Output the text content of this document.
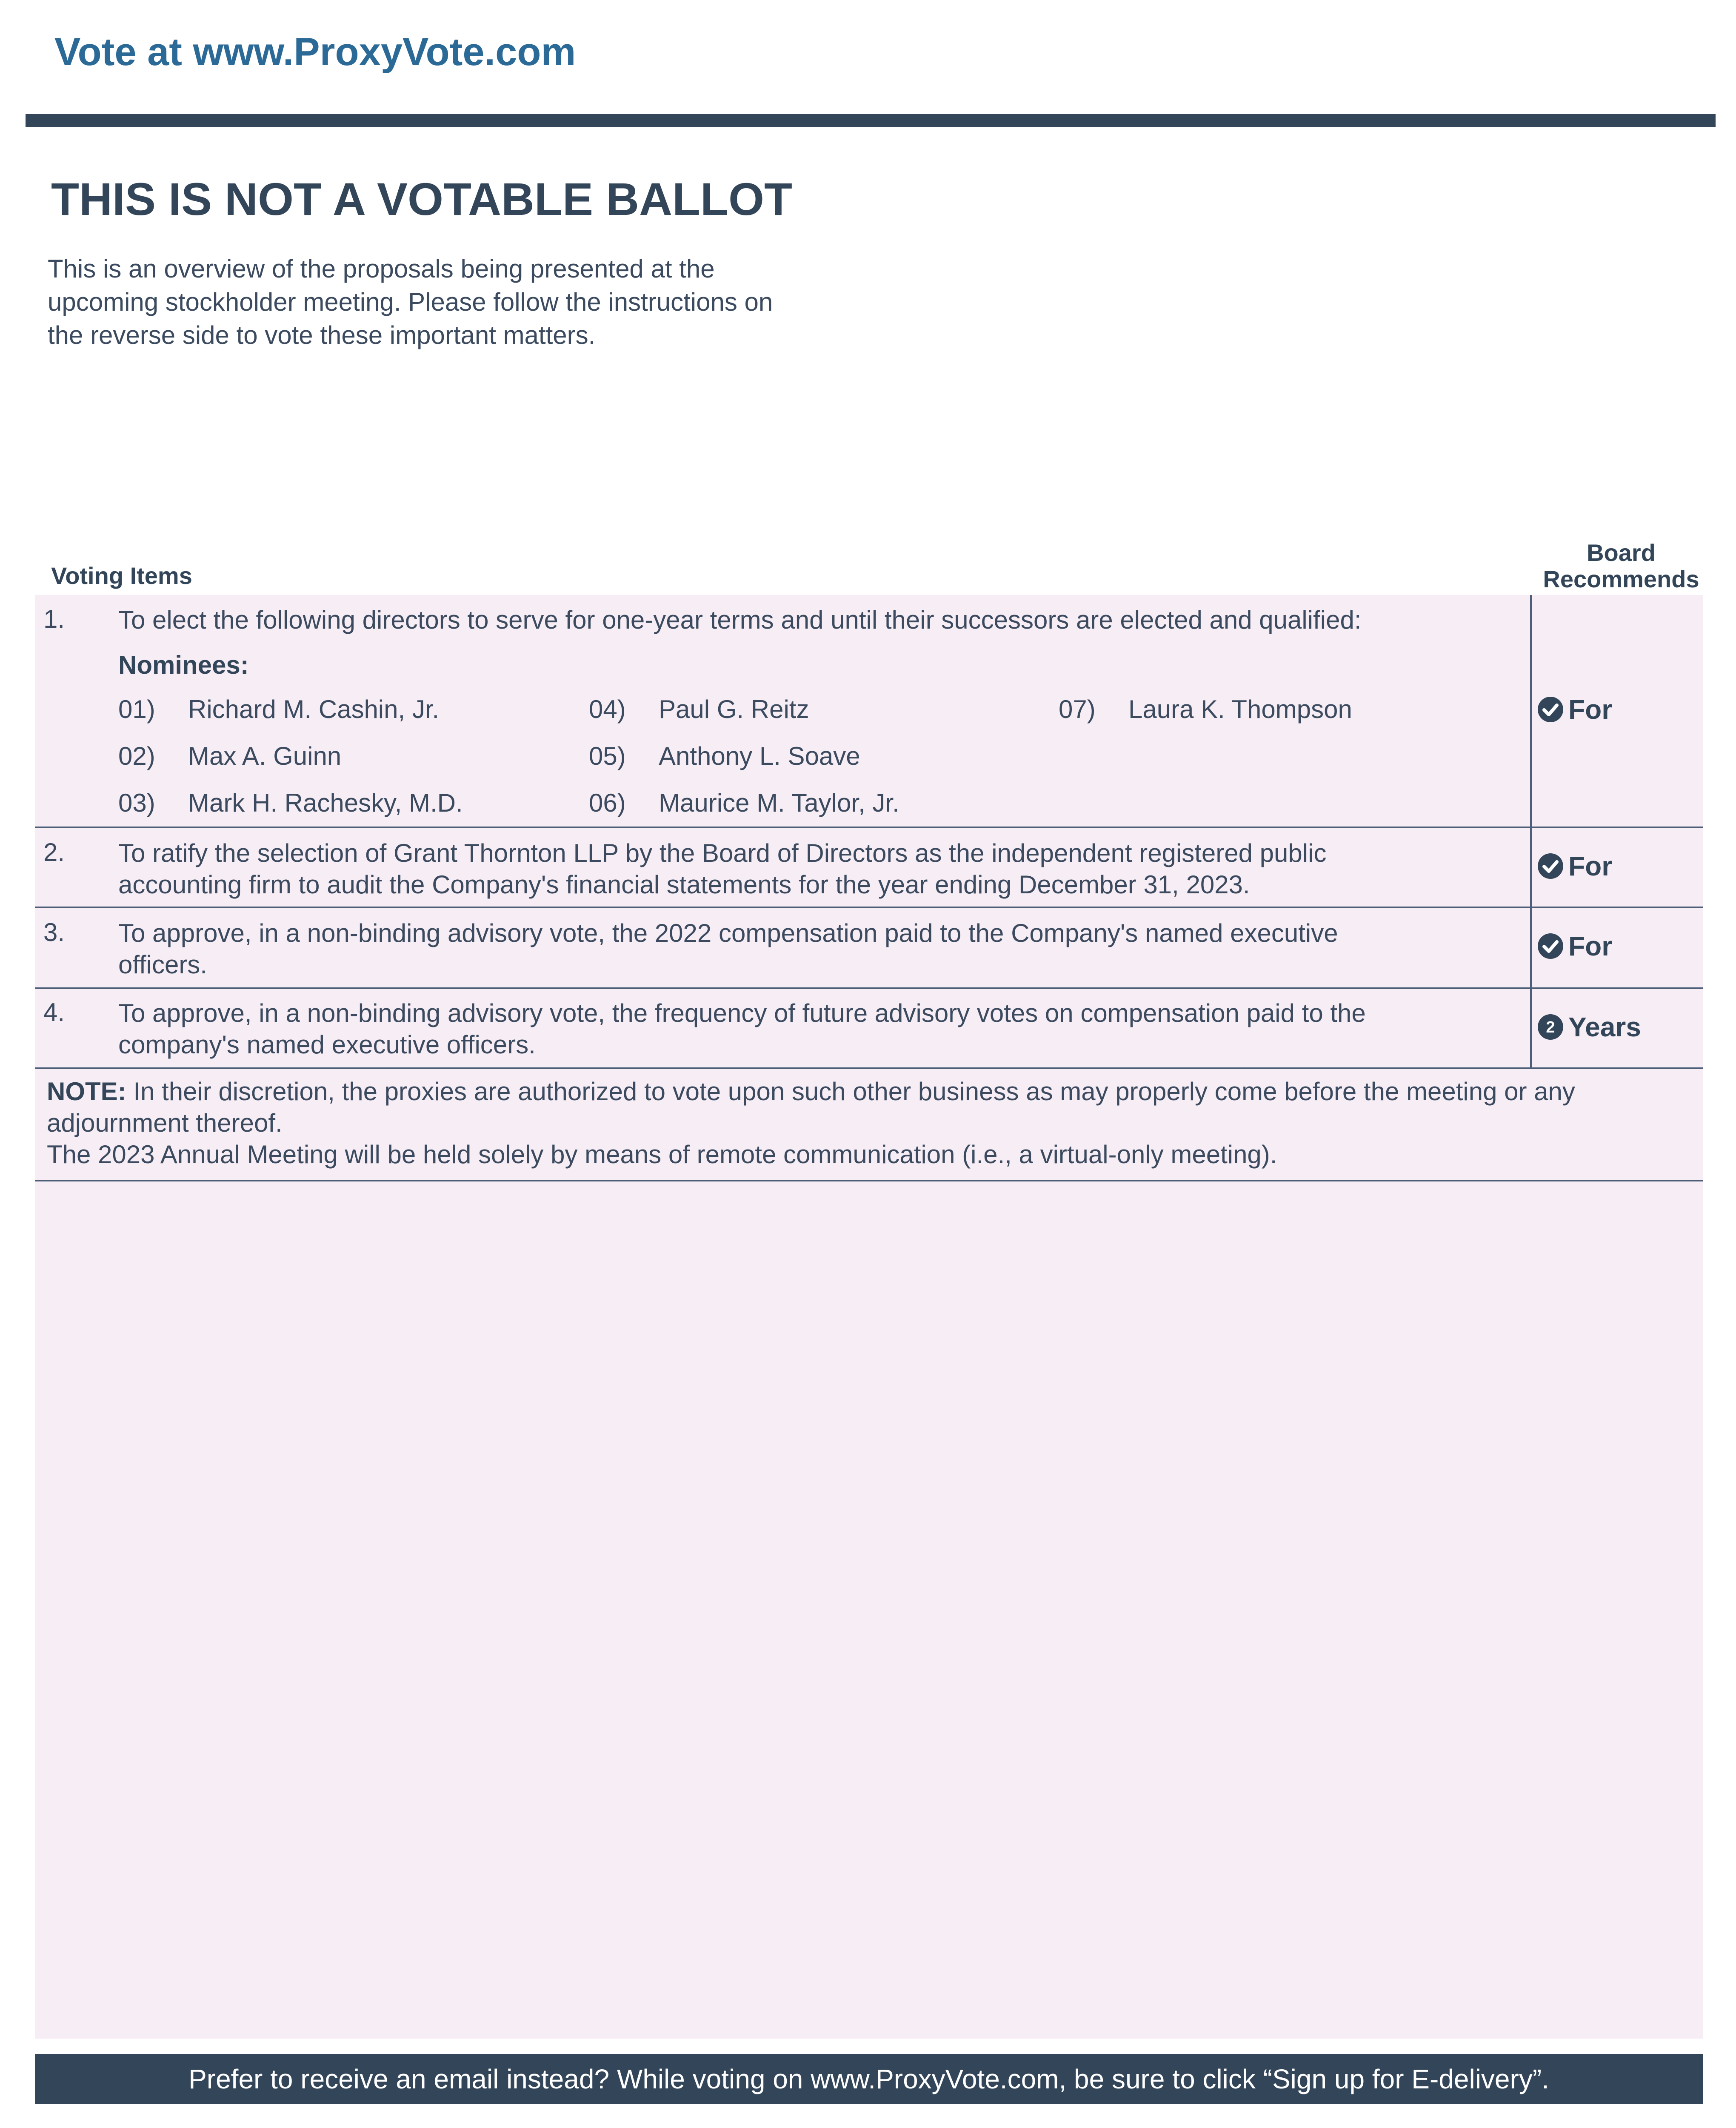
Vote at www.ProxyVote.com
THIS IS NOT A VOTABLE BALLOT
This is an overview of the proposals being presented at the
upcoming stockholder meeting. Please follow the instructions on
the reverse side to vote these important matters.
Voting Items
Board
Recommends
1. To elect the following directors to serve for one-year terms and until their successors are elected and qualified:
Nominees:
01) Richard M. Cashin, Jr.
02) Max A. Guinn
03) Mark H. Rachesky, M.D.
04) Paul G. Reitz
05) Anthony L. Soave
06) Maurice M. Taylor, Jr.
07) Laura K. Thompson	For
2. To ratify the selection of Grant Thornton LLP by the Board of Directors as the independent registered public
accounting firm to audit the Company's financial statements for the year ending December 31, 2023.
For
3. To approve, in a non-binding advisory vote, the 2022 compensation paid to the Company's named executive
officers.
For
4. To approve, in a non-binding advisory vote, the frequency of future advisory votes on compensation paid to the
company's named executive officers.
2 Years
NOTE: In their discretion, the proxies are authorized to vote upon such other business as may properly come before the meeting or any adjournment thereof.
The 2023 Annual Meeting will be held solely by means of remote communication (i.e., a virtual-only meeting).
Prefer to receive an email instead? While voting on www.ProxyVote.com, be sure to click “Sign up for E-delivery”.
